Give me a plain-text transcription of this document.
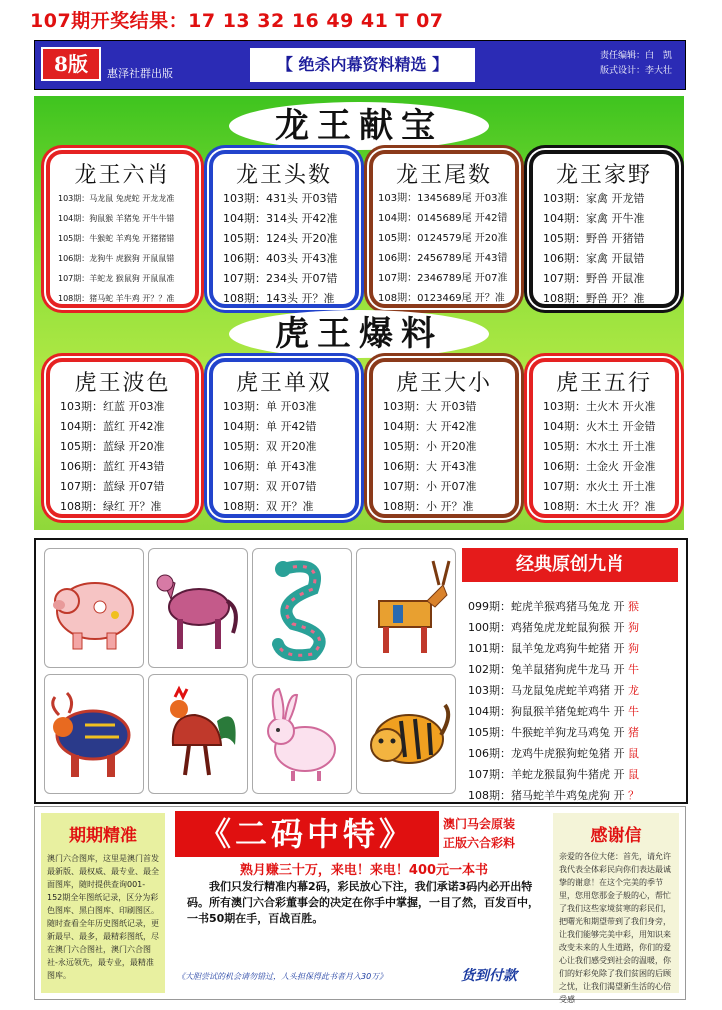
107期开奖结果：17 13 32 16 49 41 T 07
8版	惠泽社群出版	【 绝杀内幕资料精选 】	责任编辑：白　凯
版式设计：李大壮
龙王献宝
龙王六肖
103期：马龙鼠 兔虎蛇 开龙龙准
104期：狗鼠猴 羊猪兔 开牛牛错
105期：牛猴蛇 羊鸡兔 开猪猪错
106期：龙狗牛 虎猴狗 开鼠鼠错
107期：羊蛇龙 猴鼠狗 开鼠鼠准
108期：猪马蛇 羊牛鸡 开？？准
龙王头数
103期：431头 开03错
104期：314头 开42准
105期：124头 开20准
106期：403头 开43准
107期：234头 开07错
108期：143头 开？准
龙王尾数
103期：1345689尾 开03准
104期：0145689尾 开42错
105期：0124579尾 开20准
106期：2456789尾 开43错
107期：2346789尾 开07准
108期：0123469尾 开？准
龙王家野
103期：家禽 开龙错
104期：家禽 开牛准
105期：野兽 开猪错
106期：家禽 开鼠错
107期：野兽 开鼠准
108期：野兽 开？准
虎王爆料
虎王波色
103期：红蓝 开03准
104期：蓝红 开42准
105期：蓝绿 开20准
106期：蓝红 开43错
107期：蓝绿 开07错
108期：绿红 开？准
虎王单双
103期：单 开03准
104期：单 开42错
105期：双 开20准
106期：单 开43准
107期：双 开07错
108期：双 开？准
虎王大小
103期：大 开03错
104期：大 开42准
105期：小 开20准
106期：大 开43准
107期：小 开07准
108期：小 开？准
虎王五行
103期：土火木 开火准
104期：火木土 开金错
105期：木水土 开土准
106期：土金火 开金准
107期：水火土 开土准
108期：木土火 开？准
经典原创九肖
099期：蛇虎羊猴鸡猪马兔龙 开 猴
100期：鸡猪兔虎龙蛇鼠狗猴 开 狗
101期：鼠羊兔龙鸡狗牛蛇猪 开 狗
102期：兔羊鼠猪狗虎牛龙马 开 牛
103期：马龙鼠兔虎蛇羊鸡猪 开 龙
104期：狗鼠猴羊猪兔蛇鸡牛 开 牛
105期：牛猴蛇羊狗龙马鸡兔 开 猪
106期：龙鸡牛虎猴狗蛇兔猪 开 鼠
107期：羊蛇龙猴鼠狗牛猪虎 开 鼠
108期：猪马蛇羊牛鸡兔虎狗 开 ？
期期精准
澳门六合图库，这里是澳门首发最新版、最权威、最专业、最全面图库，随时提供查询001-152期全年图纸记录，区分为彩色图库、黑白图库、印刷图区。随时查看全年历史图纸记录，更新最早、最多，最精彩图纸，尽在澳门六合图社，澳门六合图社-永远领先，最专业，最精准图库。
《二码中特》	澳门马会原装
正版六合彩料
熟月赚三十万，来电！来电！400元一本书
我们只发行精准内幕2码，彩民放心下注，我们承诺3码内必开出特码。所有澳门六合彩董事会的决定在你手中掌握，一目了然，百发百中，一书50期在手，百战百胜。
《大胆尝试的机会请勿错过，人头担保得此书者月入30万》	货到付款
感谢信
亲爱的各位大佬：首先，请允许我代表全体彩民向你们表达最诚挚的谢意！在这个完美的季节里，您用您那金子般的心，帮忙了我们这些家境贫寒的彩民们，把曙光和期望带到了我们身旁，让我们能够完美中彩，用知识来改变未来的人生道路，你们的爱心让我们感受到社会的温暖，你们的好彩免除了我们贫困的后顾之忧，让我们渴望新生活的心倍受感
